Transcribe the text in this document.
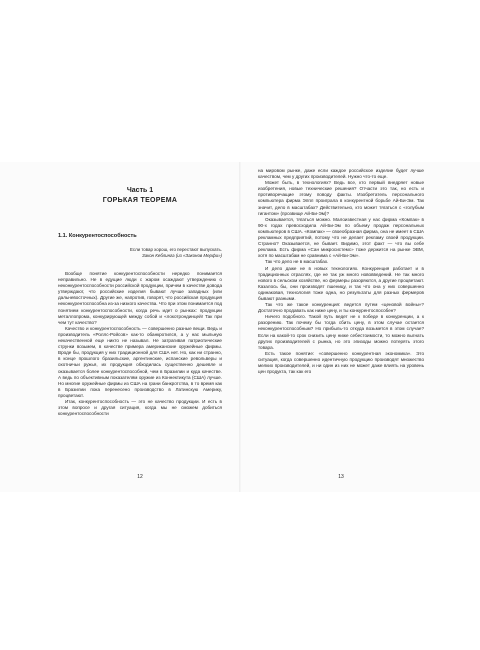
Часть 1
ГОРЬКАЯ ТЕОРЕМА
1.1. Конкурентоспособность
Если товар хорош, его перестают выпускать.
Закон Кеблинга (из «Законов Мерфи»)

Вообще понятие конкурентоспособности нередко понимается неправильно. Не в едущие люди с жаром осаждают утверждению о неконкурентоспособности российской продукции, причем в качестве довода утверждают, что российские изделия бывают лучше западных (или дальневосточных). Другие же, напротив, говорят, что российская продукция неконкурентоспособна из-за низкого качества. Что при этом понимается под понятием конкурентоспособности, когда речь идет о рынках: продукции металлопрома, конкурирующей между собой и «локотрондинцей! Так при чем тут качество?

Качество и конкурентоспособность — совершенно разные вещи. Ведь и производитель «Роллс-Ройсов» как-то обанкротился, а у нас мыльную некачественной еще никто не называл. Не затрагивая патриотические струнки возьмем, в качестве примера американские оружейные фирмы. Вроде бы, продукция у них традиционной для США нет. Но, как ни странно, в конце прошлого бразильские, аргентинские, испанские револьверы и охотничьи ружья, их продукция обходилась существенно дешевле и оказывается более конкурентоспособной, чем в Бразилии и куда качестве. А ведь по объективным показателям оружие из Коннектикута (США) лучше. Но многие оружейные фирмы из США на грани банкротства, в то время как в Бразилии пока перенесено производство в Латинскую Америку, процветают.

Итак, конкурентоспособность — это не качество продукции. И есть в этом вопросе и другая ситуация, когда мы не сможем добиться конкурентоспособности

12

на мировом рынке, даже если каждое российское изделие будет лучше качеством, чем у других производителей. Нужно что-то еще.

Может быть, в технологиях? Ведь все, кто первый внедряет новые изобретения, новые технические решения? Отчасти это так, но есть и противоречащие этому поводу факты. Изобретатель персонального компьютера фирма Эппл проиграла в конкурентной борьбе Ай-Би-Эм. Так значит, дело в масштабах? Действительно, кто может тягаться с «голубым гигантом» (прозвище Ай-Би-Эм)?

Оказывается, тягаться можно. Малоизвестная у нас фирма «Компак» в 90-х годах превосходила Ай-Би-Эм по объему продаж персональных компьютеров в США. «Компак» — своеобразная фирма, она не имеет в США рекламных предприятий, потому что не делает рекламу своей продукции. Странно? Оказывается, не бывает. Видимо, этот факт — что вы себе реклама. Есть фирма «Сан микросистемс» тоже держится на рынке ЭВМ, хотя по масштабам не сравнима с «Ай-Би-Эм».

Так что дело не в масштабах.

И дело даже не в новых технологиях. Конкуренция работает и в традиционных отраслях, где не так уж много нововведений. Не так много нового в сельском хозяйстве, но фермеры разоряются, а другие процветают. Казалось бы, они производят пшеницу, и так что она у них совершенно одинаковая, технология тоже одна, но результаты для разных фермеров бывают разными.

Так что же такое конкуренция: ведется путем «ценовой войны»? Достаточно продавать как ниже цену, и ты конкурентоспособен?

Ничего подобного. Такой путь ведет не к победе в конкуренции, а к разорению. Так почему бы тогда сбить цену, в этом случае остается неконкурентоспособным? Но прибыль-то откуда возьмется в этом случае? Если на какой-то срок снизить цену ниже себестоимости, то можно выгнать других производителей с рынка, но это эпизоды можно потерять этого товара.

Есть такое понятие: «совершенно конкурентная экономика». Это ситуация, когда совершенно идентичную продукцию производят множество мелких производителей, и ни один из них не может даже влиять на уровень цен продукта, так как его

13
